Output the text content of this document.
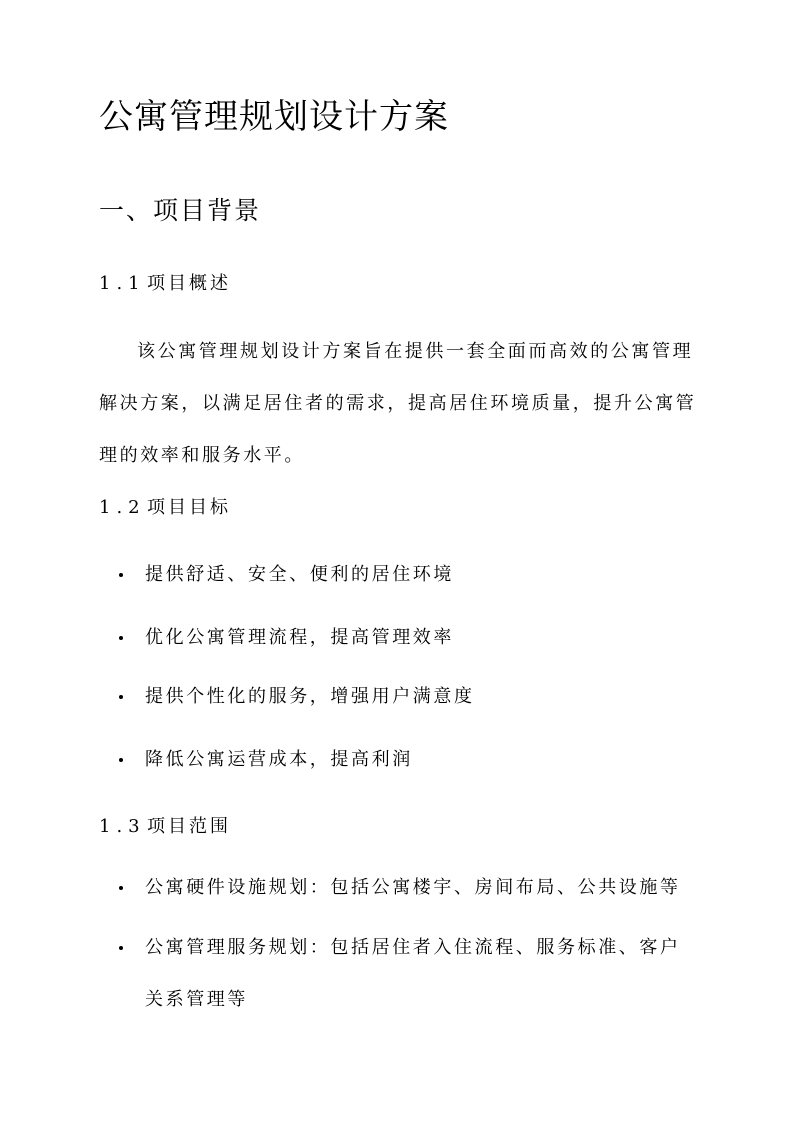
公寓管理规划设计方案
一、项目背景
1.1项目概述

该公寓管理规划设计方案旨在提供一套全面而高效的公寓管理
解决方案，以满足居住者的需求，提高居住环境质量，提升公寓管
理的效率和服务水平。

1.2项目目标
提供舒适、安全、便利的居住环境
优化公寓管理流程，提高管理效率
提供个性化的服务，增强用户满意度
降低公寓运营成本，提高利润
1.3项目范围
公寓硬件设施规划：包括公寓楼宇、房间布局、公共设施等
公寓管理服务规划：包括居住者入住流程、服务标准、客户
关系管理等
